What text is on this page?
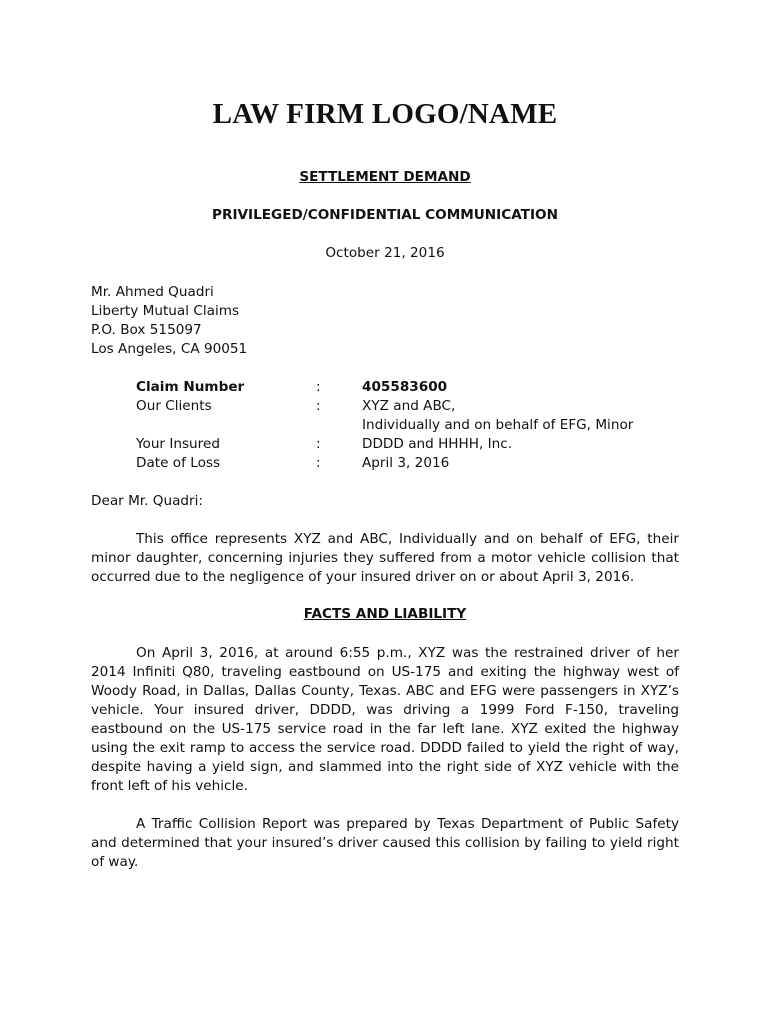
LAW FIRM LOGO/NAME
SETTLEMENT DEMAND
PRIVILEGED/CONFIDENTIAL COMMUNICATION
October 21, 2016
Mr. Ahmed Quadri
Liberty Mutual Claims
P.O. Box 515097
Los Angeles, CA 90051
Claim Number	:	405583600
Our Clients	:	XYZ and ABC,
Individually and on behalf of EFG, Minor
Your Insured	:	DDDD and HHHH, Inc.
Date of Loss	:	April 3, 2016
Dear Mr. Quadri:
This office represents XYZ and ABC, Individually and on behalf of EFG, their minor daughter, concerning injuries they suffered from a motor vehicle collision that occurred due to the negligence of your insured driver on or about April 3, 2016.
FACTS AND LIABILITY
On April 3, 2016, at around 6:55 p.m., XYZ was the restrained driver of her 2014 Infiniti Q80, traveling eastbound on US-175 and exiting the highway west of Woody Road, in Dallas, Dallas County, Texas. ABC and EFG were passengers in XYZ’s vehicle. Your insured driver, DDDD, was driving a 1999 Ford F-150, traveling eastbound on the US-175 service road in the far left lane. XYZ exited the highway using the exit ramp to access the service road. DDDD failed to yield the right of way, despite having a yield sign, and slammed into the right side of XYZ vehicle with the front left of his vehicle.
A Traffic Collision Report was prepared by Texas Department of Public Safety and determined that your insured’s driver caused this collision by failing to yield right of way.
